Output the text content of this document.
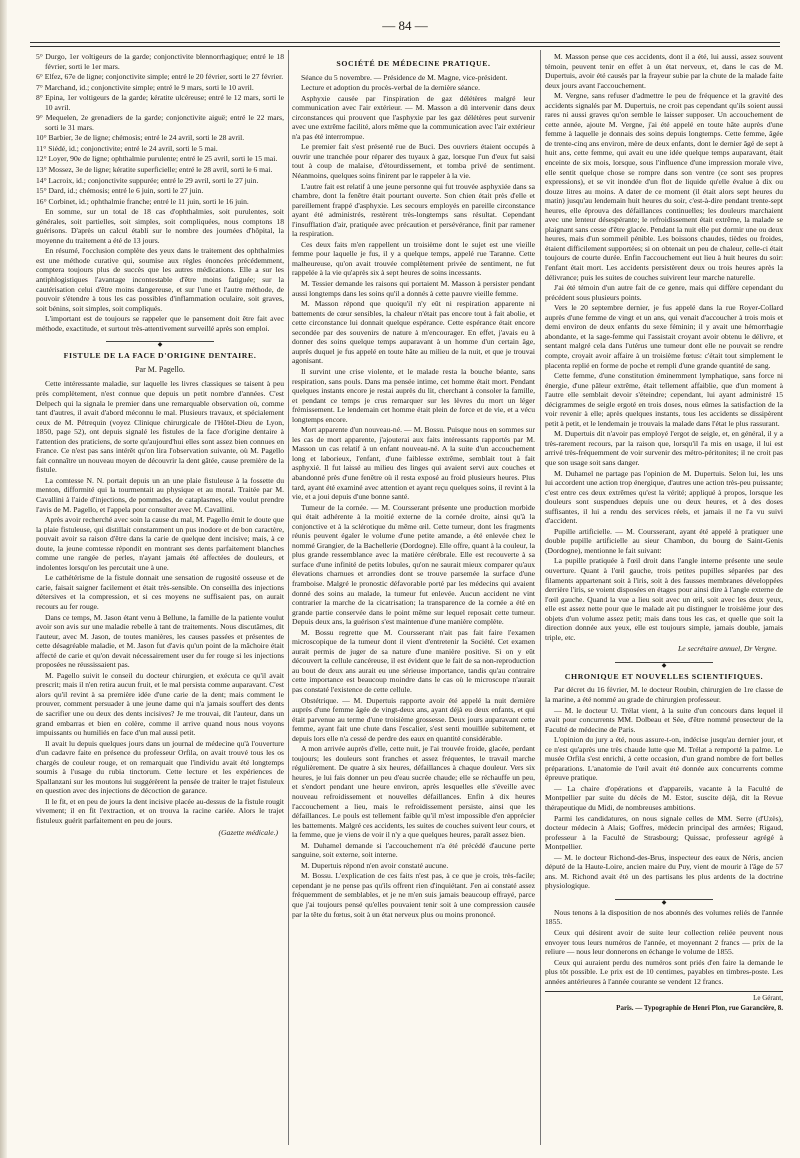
— 84 —

5° Durgo, 1er voltigeurs de la garde; conjonctivite blennorrhagique; entré le 18 février, sorti le 1er mars.

6° Elfez, 67e de ligne; conjonctivite simple; entré le 20 février, sorti le 27 février.

7° Marchand, id.; conjonctivite simple; entré le 9 mars, sorti le 10 avril.

8° Epina, 1er voltigeurs de la garde; kératite ulcéreuse; entré le 12 mars, sorti le 10 avril.

9° Mequelen, 2e grenadiers de la garde; conjonctivite aiguë; entré le 22 mars, sorti le 31 mars.

10° Barbier, 3e de ligne; chémosis; entré le 24 avril, sorti le 28 avril.

11° Siédé, id.; conjonctivite; entré le 24 avril, sorti le 5 mai.

12° Loyer, 90e de ligne; ophthalmie purulente; entré le 25 avril, sorti le 15 mai.

13° Mossez, 3e de ligne; kératite superficielle; entré le 28 avril, sorti le 6 mai.

14° Lacroix, id.; conjonctivite suppurée; entré le 29 avril, sorti le 27 juin.

15° Dard, id.; chémosis; entré le 6 juin, sorti le 27 juin.

16° Corbinet, id.; ophthalmie franche; entré le 11 juin, sorti le 16 juin.

En somme, sur un total de 18 cas d'ophthalmies, soit purulentes, soit générales, soit partielles, soit simples, soit compliquées, nous comptons 18 guérisons. D'après un calcul établi sur le nombre des journées d'hôpital, la moyenne du traitement a été de 13 jours.

En résumé, l'occlusion complète des yeux dans le traitement des ophthalmies est une méthode curative qui, soumise aux règles énoncées précédemment, comptera toujours plus de succès que les autres médications. Elle a sur les antiphlogistiques l'avantage incontestable d'être moins fatiguée; sur la cautérisation celui d'être moins dangereuse, et sur l'une et l'autre méthode, de pouvoir s'étendre à tous les cas possibles d'inflammation oculaire, soit graves, soit bénins, soit simples, soit compliqués.

L'important est de toujours se rappeler que le pansement doit être fait avec méthode, exactitude, et surtout très-attentivement surveillé après son emploi.

◆

FISTULE DE LA FACE D'ORIGINE DENTAIRE.

Par M. Pagello.

Cette intéressante maladie, sur laquelle les livres classiques se taisent à peu près complètement, n'est connue que depuis un petit nombre d'années. C'est Delpech qui la signala le premier dans une remarquable observation où, comme tant d'autres, il avait d'abord méconnu le mal. Plusieurs travaux, et spécialement ceux de M. Pétrequin (voyez Clinique chirurgicale de l'Hôtel-Dieu de Lyon, 1850, page 52), ont depuis signalé les fistules de la face d'origine dentaire à l'attention des praticiens, de sorte qu'aujourd'hui elles sont assez bien connues en France. Ce n'est pas sans intérêt qu'on lira l'observation suivante, où M. Pagello fait connaître un nouveau moyen de découvrir la dent gâtée, cause première de la fistule.

La comtesse N. N. portait depuis un an une plaie fistuleuse à la fossette du menton, difformité qui la tourmentait au physique et au moral. Traitée par M. Cavallini à l'aide d'injections, de pommades, de cataplasmes, elle voulut prendre l'avis de M. Pagello, et l'appela pour consulter avec M. Cavallini.

Après avoir recherché avec soin la cause du mal, M. Pagello émit le doute que la plaie fistuleuse, qui distillait constamment un pus inodore et de bon caractère, pouvait avoir sa raison d'être dans la carie de quelque dent incisive; mais, à ce doute, la jeune comtesse répondit en montrant ses dents parfaitement blanches comme une rangée de perles, n'ayant jamais été affectées de douleurs, et indolentes lorsqu'on les percutait une à une.

Le cathétérisme de la fistule donnait une sensation de rugosité osseuse et de carie, faisait saigner facilement et était très-sensible. On conseilla des injections détersives et la compression, et si ces moyens ne suffisaient pas, on aurait recours au fer rouge.

Dans ce temps, M. Jason étant venu à Bellune, la famille de la patiente voulut avoir son avis sur une maladie rebelle à tant de traitements. Nous discutâmes, dit l'auteur, avec M. Jason, de toutes manières, les causes passées et présentes de cette désagréable maladie, et M. Jason fut d'avis qu'un point de la mâchoire était affecté de carie et qu'on devait nécessairement user du fer rouge si les injections proposées ne réussissaient pas.

M. Pagello suivit le conseil du docteur chirurgien, et exécuta ce qu'il avait prescrit; mais il n'en retira aucun fruit, et le mal persista comme auparavant. C'est alors qu'il revint à sa première idée d'une carie de la dent; mais comment le prouver, comment persuader à une jeune dame qui n'a jamais souffert des dents de sacrifier une ou deux des dents incisives? Je me trouvai, dit l'auteur, dans un grand embarras et bien en colère, comme il arrive quand nous nous voyons impuissants ou humiliés en face d'un mal aussi petit.

Il avait lu depuis quelques jours dans un journal de médecine qu'à l'ouverture d'un cadavre faite en présence du professeur Orfila, on avait trouvé tous les os chargés de couleur rouge, et on remarquait que l'individu avait été longtemps soumis à l'usage du rubia tinctorum. Cette lecture et les expériences de Spallanzani sur les moutons lui suggérèrent la pensée de traiter le trajet fistuleux en question avec des injections de décoction de garance.

Il le fit, et en peu de jours la dent incisive placée au-dessus de la fistule rougit vivement; il en fit l'extraction, et on trouva la racine cariée. Alors le trajet fistuleux guérit parfaitement en peu de jours.

(Gazette médicale.)

SOCIÉTÉ DE MÉDECINE PRATIQUE.

Séance du 5 novembre. — Présidence de M. Magne, vice-président.

Lecture et adoption du procès-verbal de la dernière séance.

Asphyxie causée par l'inspiration de gaz délétères malgré leur communication avec l'air extérieur. — M. Masson a dû intervenir dans deux circonstances qui prouvent que l'asphyxie par les gaz délétères peut survenir avec une extrême facilité, alors même que la communication avec l'air extérieur n'a pas été interrompue.

Le premier fait s'est présenté rue de Buci. Des ouvriers étaient occupés à ouvrir une tranchée pour réparer des tuyaux à gaz, lorsque l'un d'eux fut saisi tout à coup de malaise, d'étourdissement, et tomba privé de sentiment. Néanmoins, quelques soins finirent par le rappeler à la vie.

L'autre fait est relatif à une jeune personne qui fut trouvée asphyxiée dans sa chambre, dont la fenêtre était pourtant ouverte. Son chien était près d'elle et pareillement frappé d'asphyxie. Les secours employés en pareille circonstance ayant été administrés, restèrent très-longtemps sans résultat. Cependant l'insufflation d'air, pratiquée avec précaution et persévérance, finit par ramener la respiration.

Ces deux faits m'en rappellent un troisième dont le sujet est une vieille femme pour laquelle je fus, il y a quelque temps, appelé rue Taranne. Cette malheureuse, qu'on avait trouvée complètement privée de sentiment, ne fut rappelée à la vie qu'après six à sept heures de soins incessants.

M. Tessier demande les raisons qui portaient M. Masson à persister pendant aussi longtemps dans les soins qu'il a donnés à cette pauvre vieille femme.

M. Masson répond que quoiqu'il n'y eût ni respiration apparente ni battements de cœur sensibles, la chaleur n'était pas encore tout à fait abolie, et cette circonstance lui donnait quelque espérance. Cette espérance était encore secondée par des souvenirs de nature à m'encourager. En effet, j'avais eu à donner des soins quelque temps auparavant à un homme d'un certain âge, auprès duquel je fus appelé en toute hâte au milieu de la nuit, et que je trouvai agonisant.

Il survint une crise violente, et le malade resta la bouche béante, sans respiration, sans pouls. Dans ma pensée intime, cet homme était mort. Pendant quelques instants encore je restai auprès du lit, cherchant à consoler la famille, et pendant ce temps je crus remarquer sur les lèvres du mort un léger frémissement. Le lendemain cet homme était plein de force et de vie, et a vécu longtemps encore.

Mort apparente d'un nouveau-né. — M. Bossu. Puisque nous en sommes sur les cas de mort apparente, j'ajouterai aux faits intéressants rapportés par M. Masson un cas relatif à un enfant nouveau-né. A la suite d'un accouchement long et laborieux, l'enfant, d'une faiblesse extrême, semblait tout à fait asphyxié. Il fut laissé au milieu des linges qui avaient servi aux couches et abandonné près d'une fenêtre où il resta exposé au froid plusieurs heures. Plus tard, ayant été examiné avec attention et ayant reçu quelques soins, il revint à la vie, et a joui depuis d'une bonne santé.

Tumeur de la cornée. — M. Coursserant présente une production morbide qui était adhérente à la moitié externe de la cornée droite, ainsi qu'à la conjonctive et à la sclérotique du même œil. Cette tumeur, dont les fragments réunis peuvent égaler le volume d'une petite amande, a été enlevée chez le nommé Grangier, de la Bachellerie (Dordogne). Elle offre, quant à la couleur, la plus grande ressemblance avec la matière cérébrale. Elle est recouverte à sa surface d'une infinité de petits lobules, qu'on ne saurait mieux comparer qu'aux élevations charnues et arrondies dont se trouve parsemée la surface d'une framboise. Malgré le pronostic défavorable porté par les médecins qui avaient donné des soins au malade, la tumeur fut enlevée. Aucun accident ne vint contrarier la marche de la cicatrisation; la transparence de la cornée a été en grande partie conservée dans le point même sur lequel reposait cette tumeur. Depuis deux ans, la guérison s'est maintenue d'une manière complète.

M. Bossu regrette que M. Coursserant n'ait pas fait faire l'examen microscopique de la tumeur dont il vient d'entretenir la Société. Cet examen aurait permis de juger de sa nature d'une manière positive. Si on y eût découvert la cellule cancéreuse, il est évident que le fait de sa non-reproduction au bout de deux ans aurait eu une sérieuse importance, tandis qu'au contraire cette importance est beaucoup moindre dans le cas où le microscope n'aurait pas constaté l'existence de cette cellule.

Obstétrique. — M. Dupertuis rapporte avoir été appelé la nuit dernière auprès d'une femme âgée de vingt-deux ans, ayant déjà eu deux enfants, et qui était parvenue au terme d'une troisième grossesse. Deux jours auparavant cette femme, ayant fait une chute dans l'escalier, s'est senti mouillée subitement, et depuis lors elle n'a cessé de perdre des eaux en quantité considérable.

A mon arrivée auprès d'elle, cette nuit, je l'ai trouvée froide, glacée, perdant toujours; les douleurs sont franches et assez fréquentes, le travail marche régulièrement. De quatre à six heures, défaillances à chaque douleur. Vers six heures, je lui fais donner un peu d'eau sucrée chaude; elle se réchauffe un peu, et s'endort pendant une heure environ, après lesquelles elle s'éveille avec nouveau refroidissement et nouvelles défaillances. Enfin à dix heures l'accouchement a lieu, mais le refroidissement persiste, ainsi que les défaillances. Le pouls est tellement faible qu'il m'est impossible d'en apprécier les battements. Malgré ces accidents, les suites de couches suivent leur cours, et la femme, que je viens de voir il n'y a que quelques heures, paraît assez bien.

M. Duhamel demande si l'accouchement n'a été précédé d'aucune perte sanguine, soit externe, soit interne.

M. Dupertuis répond n'en avoir constaté aucune.

M. Bossu. L'explication de ces faits n'est pas, à ce que je crois, très-facile; cependant je ne pense pas qu'ils offrent rien d'inquiétant. J'en ai constaté assez fréquemment de semblables, et je ne m'en suis jamais beaucoup effrayé, parce que j'ai toujours pensé qu'elles pouvaient tenir soit à une compression causée par la tête du fœtus, soit à un état nerveux plus ou moins prononcé.

M. Masson pense que ces accidents, dont il a été, lui aussi, assez souvent témoin, peuvent tenir en effet à un état nerveux, et, dans le cas de M. Dupertuis, avoir été causés par la frayeur subie par la chute de la malade faite deux jours avant l'accouchement.

M. Vergne, sans refuser d'admettre le peu de fréquence et la gravité des accidents signalés par M. Dupertuis, ne croit pas cependant qu'ils soient aussi rares ni aussi graves qu'on semble le laisser supposer. Un accouchement de cette année, ajoute M. Vergne, j'ai été appelé en toute hâte auprès d'une femme à laquelle je donnais des soins depuis longtemps. Cette femme, âgée de trente-cinq ans environ, mère de deux enfants, dont le dernier âgé de sept à huit ans, cette femme, qui avait eu une idée quelque temps auparavant, était enceinte de six mois, lorsque, sous l'influence d'une impression morale vive, elle sentit quelque chose se rompre dans son ventre (ce sont ses propres expressions), et se vit inondée d'un flot de liquide qu'elle évalue à dix ou douze litres au moins. A dater de ce moment (il était alors sept heures du matin) jusqu'au lendemain huit heures du soir, c'est-à-dire pendant trente-sept heures, elle éprouva des défaillances continuelles; les douleurs marchaient avec une lenteur désespérante; le refroidissement était extrême, la malade se plaignant sans cesse d'être glacée. Pendant la nuit elle put dormir une ou deux heures, mais d'un sommeil pénible. Les boissons chaudes, tièdes ou froides, étaient difficilement supportées; si on obtenait un peu de chaleur, celle-ci était toujours de courte durée. Enfin l'accouchement eut lieu à huit heures du soir: l'enfant était mort. Les accidents persistèrent deux ou trois heures après la délivrance; puis les suites de couches suivirent leur marche naturelle.

J'ai été témoin d'un autre fait de ce genre, mais qui diffère cependant du précédent sous plusieurs points.

Vers le 20 septembre dernier, je fus appelé dans la rue Royer-Collard auprès d'une femme de vingt et un ans, qui venait d'accoucher à trois mois et demi environ de deux enfants du sexe féminin; il y avait une hémorrhagie abondante, et la sage-femme qui l'assistait croyant avoir obtenu le délivre, et sentant malgré cela dans l'utérus une tumeur dont elle ne pouvait se rendre compte, croyait avoir affaire à un troisième fœtus: c'était tout simplement le placenta replié en forme de poche et rempli d'une grande quantité de sang.

Cette femme, d'une constitution éminemment lymphatique, sans force ni énergie, d'une pâleur extrême, était tellement affaiblie, que d'un moment à l'autre elle semblait devoir s'éteindre; cependant, lui ayant administré 15 décigrammes de seigle ergoté en trois doses, nous eûmes la satisfaction de la voir revenir à elle; après quelques instants, tous les accidents se dissipèrent petit à petit, et le lendemain je trouvais la malade dans l'état le plus rassurant.

M. Dupertuis dit n'avoir pas employé l'ergot de seigle, et, en général, il y a très-rarement recours, par la raison que, lorsqu'il l'a mis en usage, il lui est arrivé très-fréquemment de voir survenir des métro-péritonites; il ne croit pas que son usage soit sans danger.

M. Duhamel ne partage pas l'opinion de M. Dupertuis. Selon lui, les uns lui accordent une action trop énergique, d'autres une action très-peu puissante; c'est entre ces deux extrêmes qu'est la vérité; appliqué à propos, lorsque les douleurs sont suspendues depuis une ou deux heures, et à des doses suffisantes, il lui a rendu des services réels, et jamais il ne l'a vu suivi d'accident.

Pupille artificielle. — M. Coursserant, ayant été appelé à pratiquer une double pupille artificielle au sieur Chambon, du bourg de Saint-Genis (Dordogne), mentionne le fait suivant:

La pupille pratiquée à l'œil droit dans l'angle interne présente une seule ouverture. Quant à l'œil gauche, trois petites pupilles séparées par des filaments appartenant soit à l'iris, soit à des fausses membranes développées derrière l'iris, se voient disposées en étages pour ainsi dire à l'angle externe de l'œil gauche. Quand la vue a lieu soit avec un œil, soit avec les deux yeux, elle est assez nette pour que le malade ait pu distinguer le troisième jour des objets d'un volume assez petit; mais dans tous les cas, et quelle que soit la direction donnée aux yeux, elle est toujours simple, jamais double, jamais triple, etc.

Le secrétaire annuel, Dr Vergne.

◆

CHRONIQUE ET NOUVELLES SCIENTIFIQUES.

Par décret du 16 février, M. le docteur Roubin, chirurgien de 1re classe de la marine, a été nommé au grade de chirurgien professeur.

— M. le docteur U. Trélat vient, à la suite d'un concours dans lequel il avait pour concurrents MM. Dolbeau et Sée, d'être nommé prosecteur de la Faculté de médecine de Paris.

L'opinion du jury a été, nous assure-t-on, indécise jusqu'au dernier jour, et ce n'est qu'après une très chaude lutte que M. Trélat a remporté la palme. Le musée Orfila s'est enrichi, à cette occasion, d'un grand nombre de fort belles préparations. L'anatomie de l'œil avait été donnée aux concurrents comme épreuve pratique.

— La chaire d'opérations et d'appareils, vacante à la Faculté de Montpellier par suite du décès de M. Estor, suscite déjà, dit la Revue thérapeutique du Midi, de nombreuses ambitions.

Parmi les candidatures, on nous signale celles de MM. Serre (d'Uzès), docteur médecin à Alais; Goffres, médecin principal des armées; Rigaud, professeur à la Faculté de Strasbourg; Quissac, professeur agrégé à Montpellier.

— M. le docteur Richond-des-Brus, inspecteur des eaux de Néris, ancien député de la Haute-Loire, ancien maire du Puy, vient de mourir à l'âge de 57 ans. M. Richond avait été un des partisans les plus ardents de la doctrine physiologique.

◆

Nous tenons à la disposition de nos abonnés des volumes reliés de l'année 1855.

Ceux qui désirent avoir de suite leur collection reliée peuvent nous envoyer tous leurs numéros de l'année, et moyennant 2 francs — prix de la reliure — nous leur donnerons en échange le volume de 1855.

Ceux qui auraient perdu des numéros sont priés d'en faire la demande le plus tôt possible. Le prix est de 10 centimes, payables en timbres-poste. Les années antérieures à l'année courante se vendent 12 francs.

Le Gérant,
Paris. — Typographie de Henri Plon, rue Garancière, 8.
